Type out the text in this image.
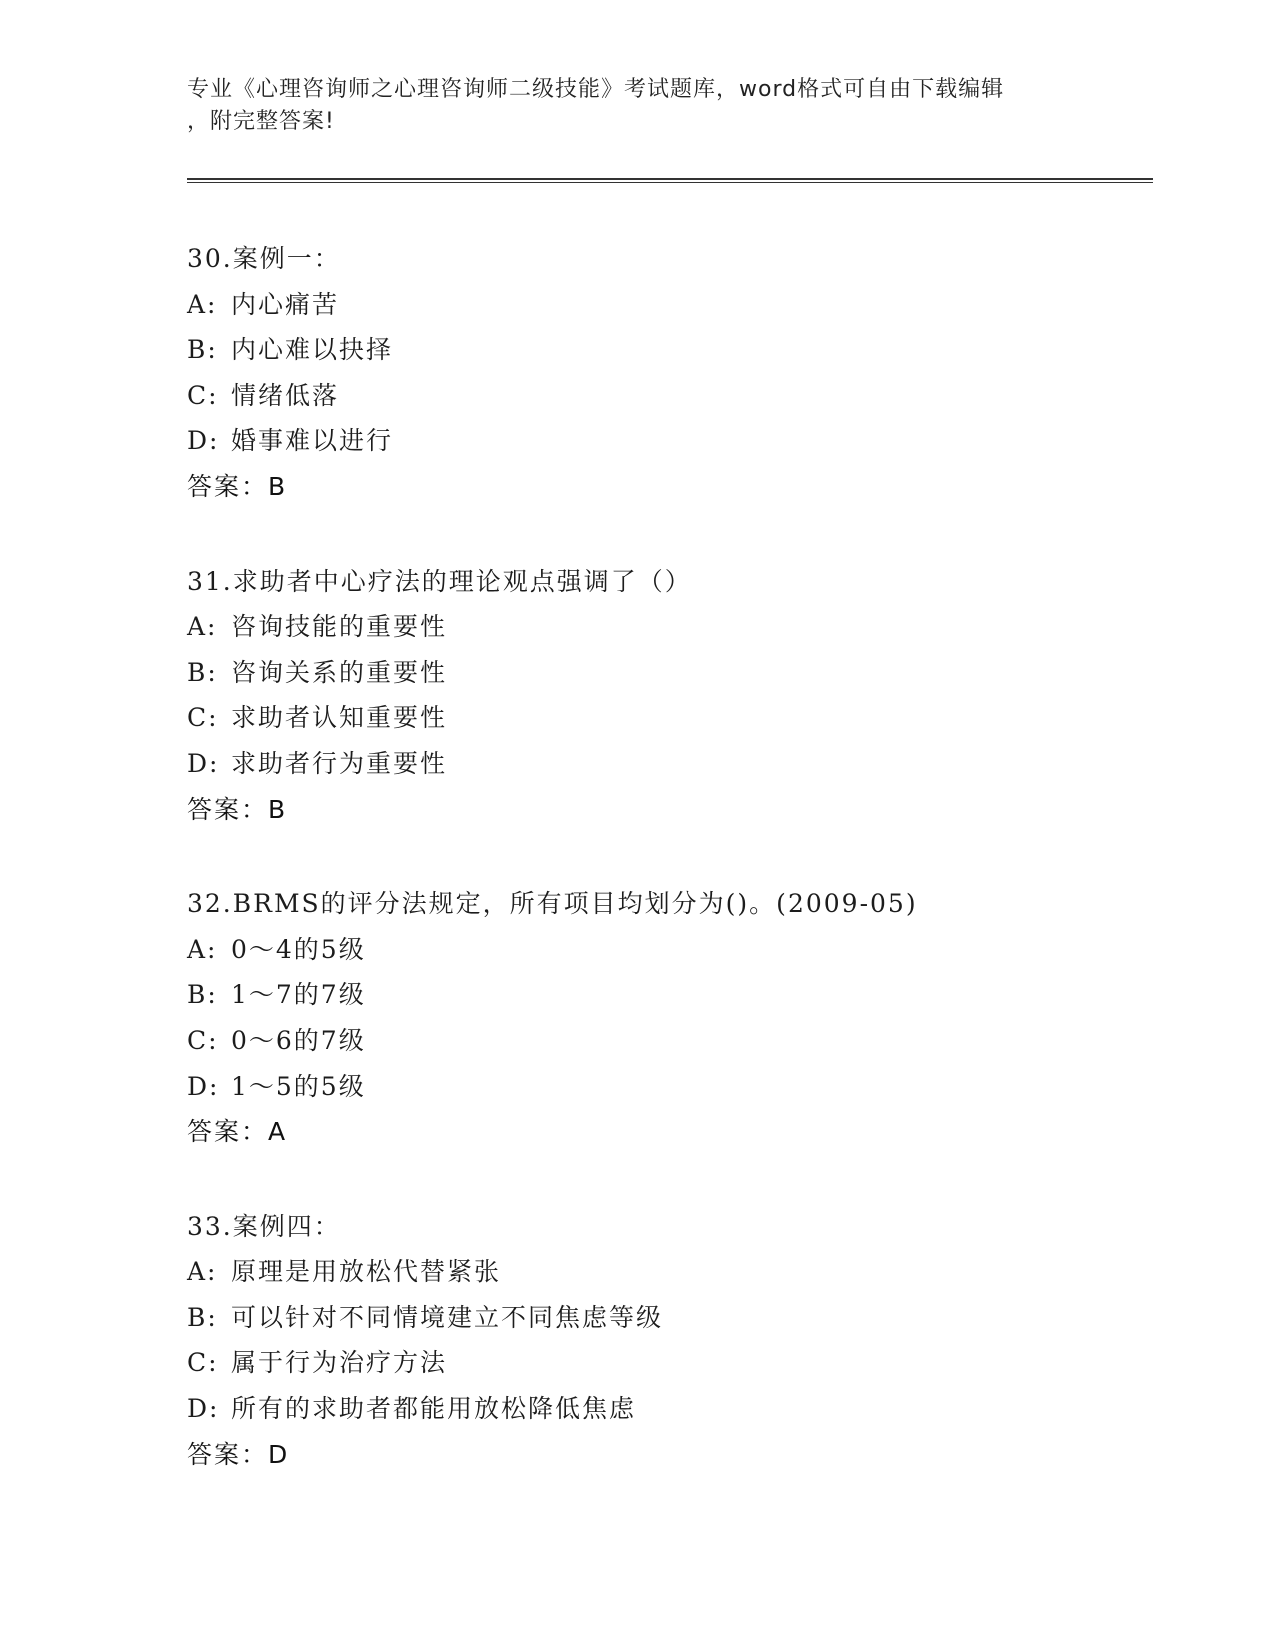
专业《心理咨询师之心理咨询师二级技能》考试题库，word格式可自由下载编辑
，附完整答案!
30.案例一：
A: 内心痛苦
B: 内心难以抉择
C: 情绪低落
D: 婚事难以进行
答案：B
31.求助者中心疗法的理论观点强调了（）
A: 咨询技能的重要性
B: 咨询关系的重要性
C: 求助者认知重要性
D: 求助者行为重要性
答案：B
32.BRMS的评分法规定，所有项目均划分为()。(2009-05)
A: 0～4的5级
B: 1～7的7级
C: 0～6的7级
D: 1～5的5级
答案：A
33.案例四：
A: 原理是用放松代替紧张
B: 可以针对不同情境建立不同焦虑等级
C: 属于行为治疗方法
D: 所有的求助者都能用放松降低焦虑
答案：D
